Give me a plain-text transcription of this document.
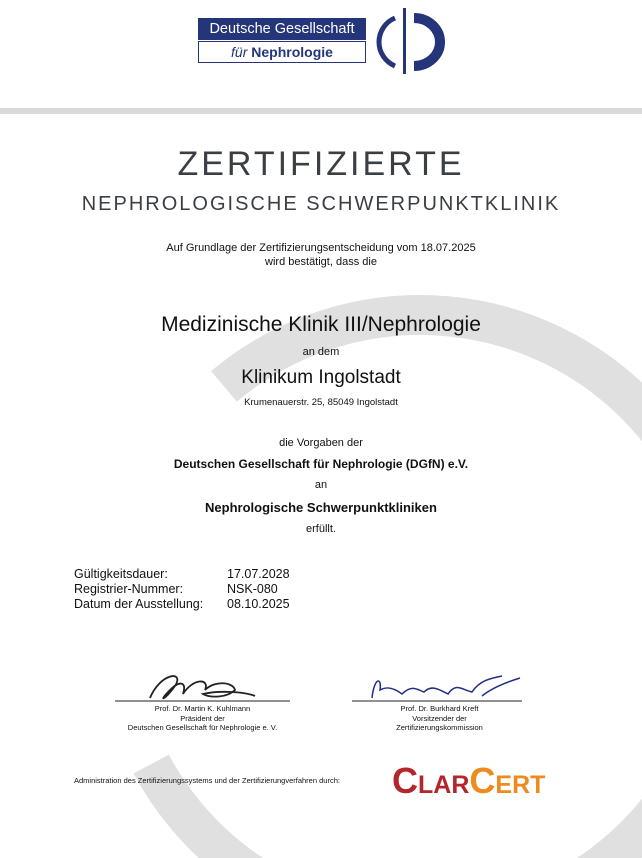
Deutsche Gesellschaft
für Nephrologie
ZERTIFIZIERTE
NEPHROLOGISCHE SCHWERPUNKTKLINIK
Auf Grundlage der Zertifizierungsentscheidung vom 18.07.2025
wird bestätigt, dass die
Medizinische Klinik III/Nephrologie
an dem
Klinikum Ingolstadt
Krumenauerstr. 25, 85049 Ingolstadt
die Vorgaben der
Deutschen Gesellschaft für Nephrologie (DGfN) e.V.
an
Nephrologische Schwerpunktkliniken
erfüllt.
Gültigkeitsdauer:	17.07.2028
Registrier-Nummer:	NSK-080
Datum der Ausstellung: 08.10.2025
Prof. Dr. Martin K. Kuhlmann
Präsident der
Deutschen Gesellschaft für Nephrologie e. V.
Prof. Dr. Burkhard Kreft
Vorsitzender der
Zertifizierungskommission
Administration des Zertifizierungssystems und der Zertifizierungverfahren durch: ClarCert
